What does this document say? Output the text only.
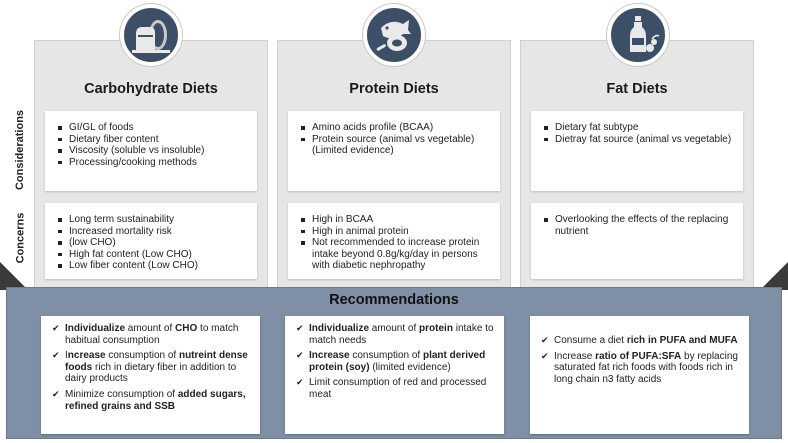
Considerations
Concerns
Carbohydrate Diets
GI/GL of foods
Dietary fiber content
Viscosity (soluble vs insoluble)
Processing/cooking methods
Long term sustainability
Increased mortality risk
(low CHO)
High fat content (Low CHO)
Low fiber content (Low CHO)
Protein Diets
Amino acids profile (BCAA)
Protein source (animal vs vegetable)(Limited evidence)
High in BCAA
High in animal protein
Not recommended to increase protein intake beyond 0.8g/kg/day in persons with diabetic nephropathy
Fat Diets
Dietary fat subtype
Dietray fat source (animal vs vegetable)
Overlooking the effects of the replacing nutrient
Recommendations
✔ Individualize amount of CHO to match habitual consumption
✔ Increase consumption of nutreint dense foods rich in dietary fiber in addition to dairy products
✔ Minimize consumption of added sugars, refined grains and SSB
✔ Individualize amount of protein intake to match needs
✔ Increase consumption of plant derived protein (soy) (limited evidence)
✔ Limit consumption of red and processed meat
✔ Consume a diet rich in PUFA and MUFA
✔ Increase ratio of PUFA:SFA by replacing saturated fat rich foods with foods rich in long chain n3 fatty acids
